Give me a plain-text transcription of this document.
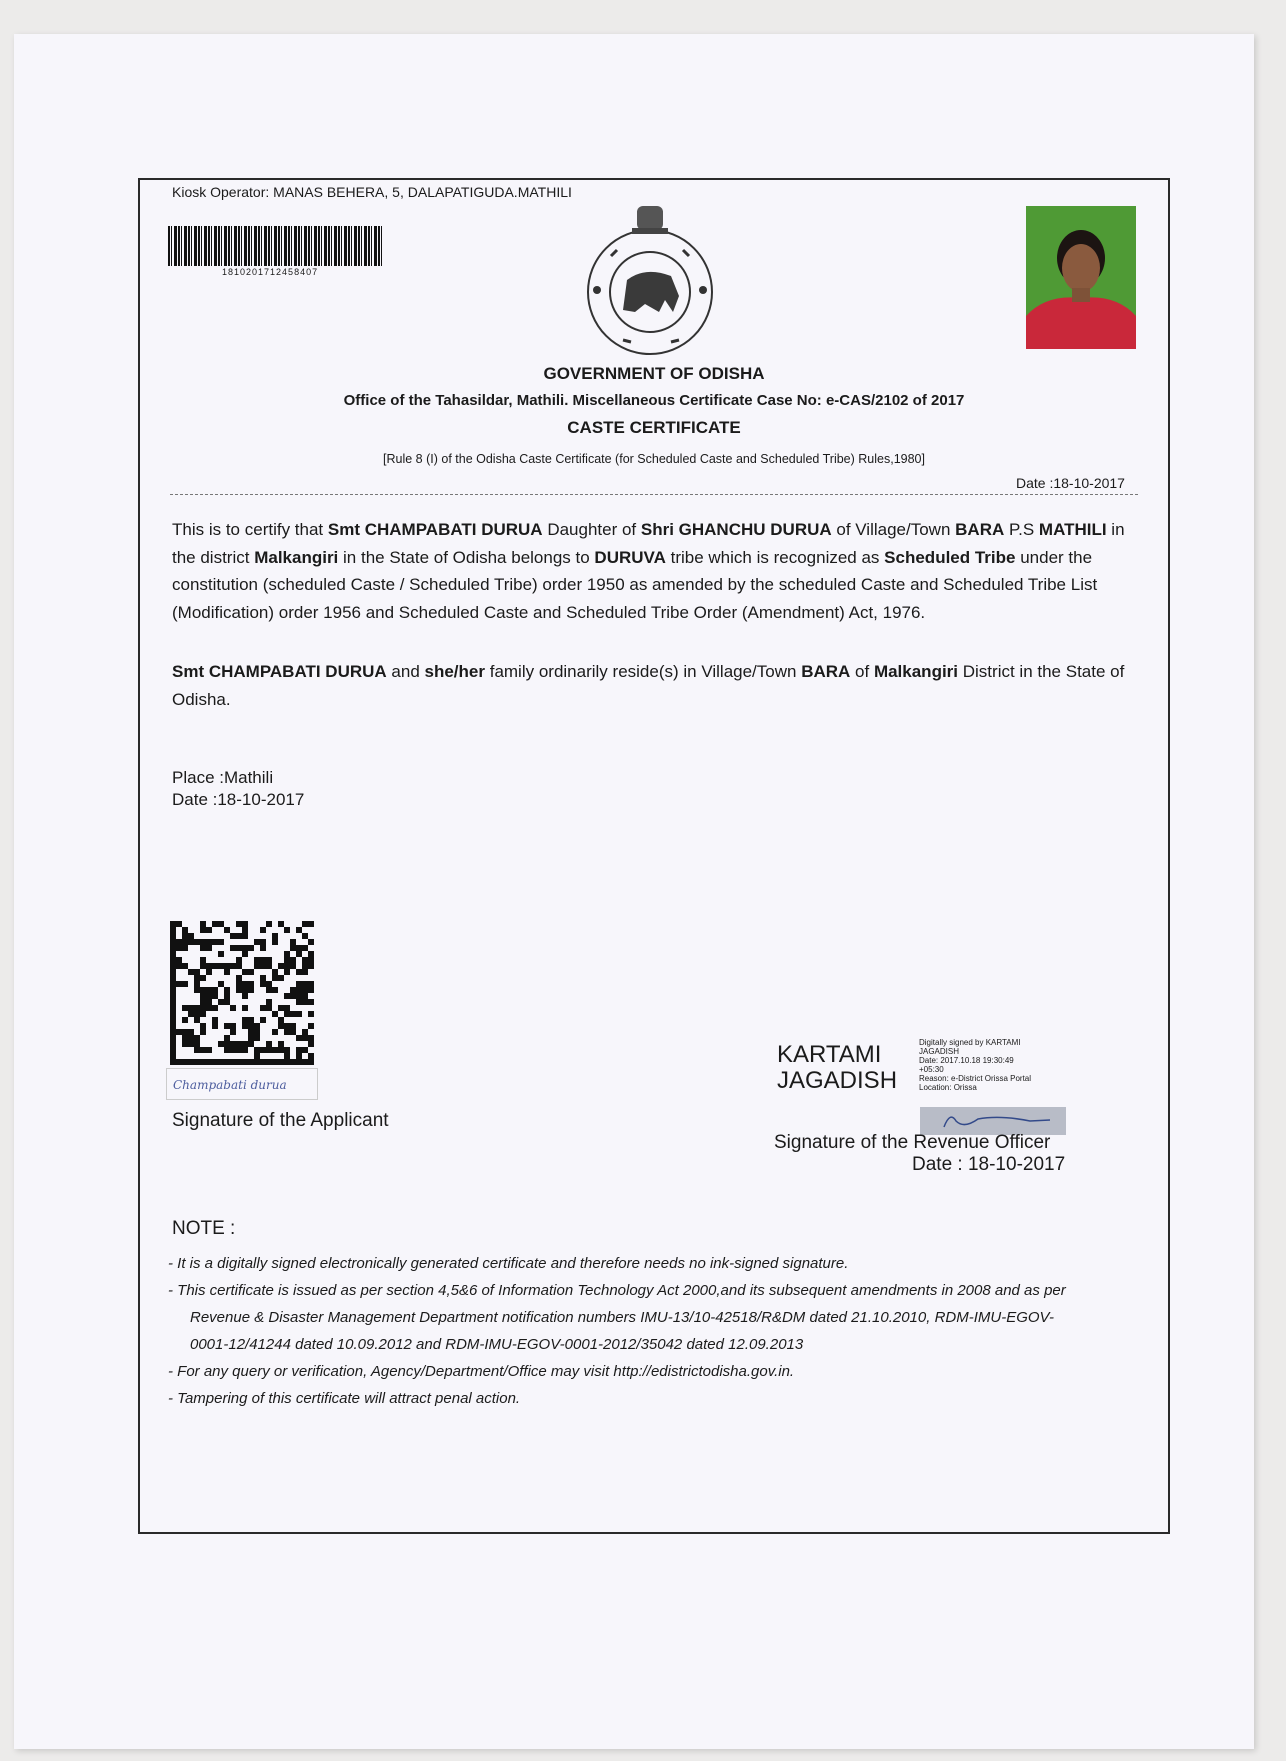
Kiosk Operator: MANAS BEHERA, 5, DALAPATIGUDA.MATHILI
1810201712458407
GOVERNMENT OF ODISHA
Office of the Tahasildar, Mathili. Miscellaneous Certificate Case No: e-CAS/2102 of 2017
CASTE CERTIFICATE
[Rule 8 (I) of the Odisha Caste Certificate (for Scheduled Caste and Scheduled Tribe) Rules,1980]
Date :18-10-2017
This is to certify that Smt CHAMPABATI DURUA Daughter of Shri GHANCHU DURUA of Village/Town BARA P.S MATHILI in the district Malkangiri in the State of Odisha belongs to DURUVA tribe which is recognized as Scheduled Tribe under the constitution (scheduled Caste / Scheduled Tribe) order 1950 as amended by the scheduled Caste and Scheduled Tribe List (Modification) order 1956 and Scheduled Caste and Scheduled Tribe Order (Amendment) Act, 1976.
Smt CHAMPABATI DURUA and she/her family ordinarily reside(s) in Village/Town BARA of Malkangiri District in the State of Odisha.
Place :Mathili
Date :18-10-2017
Champabati durua
Signature of the Applicant
KARTAMI
JAGADISH
Digitally signed by KARTAMI
JAGADISH
Date: 2017.10.18 19:30:49
+05:30
Reason: e-District Orissa Portal
Location: Orissa
Signature of the Revenue Officer
Date : 18-10-2017
NOTE :
- It is a digitally signed electronically generated certificate and therefore needs no ink-signed signature.
- This certificate is issued as per section 4,5&6 of Information Technology Act 2000,and its subsequent amendments in 2008 and as per Revenue & Disaster Management Department notification numbers IMU-13/10-42518/R&DM dated 21.10.2010, RDM-IMU-EGOV-0001-12/41244 dated 10.09.2012 and RDM-IMU-EGOV-0001-2012/35042 dated 12.09.2013
- For any query or verification, Agency/Department/Office may visit http://edistrictodisha.gov.in.
- Tampering of this certificate will attract penal action.
